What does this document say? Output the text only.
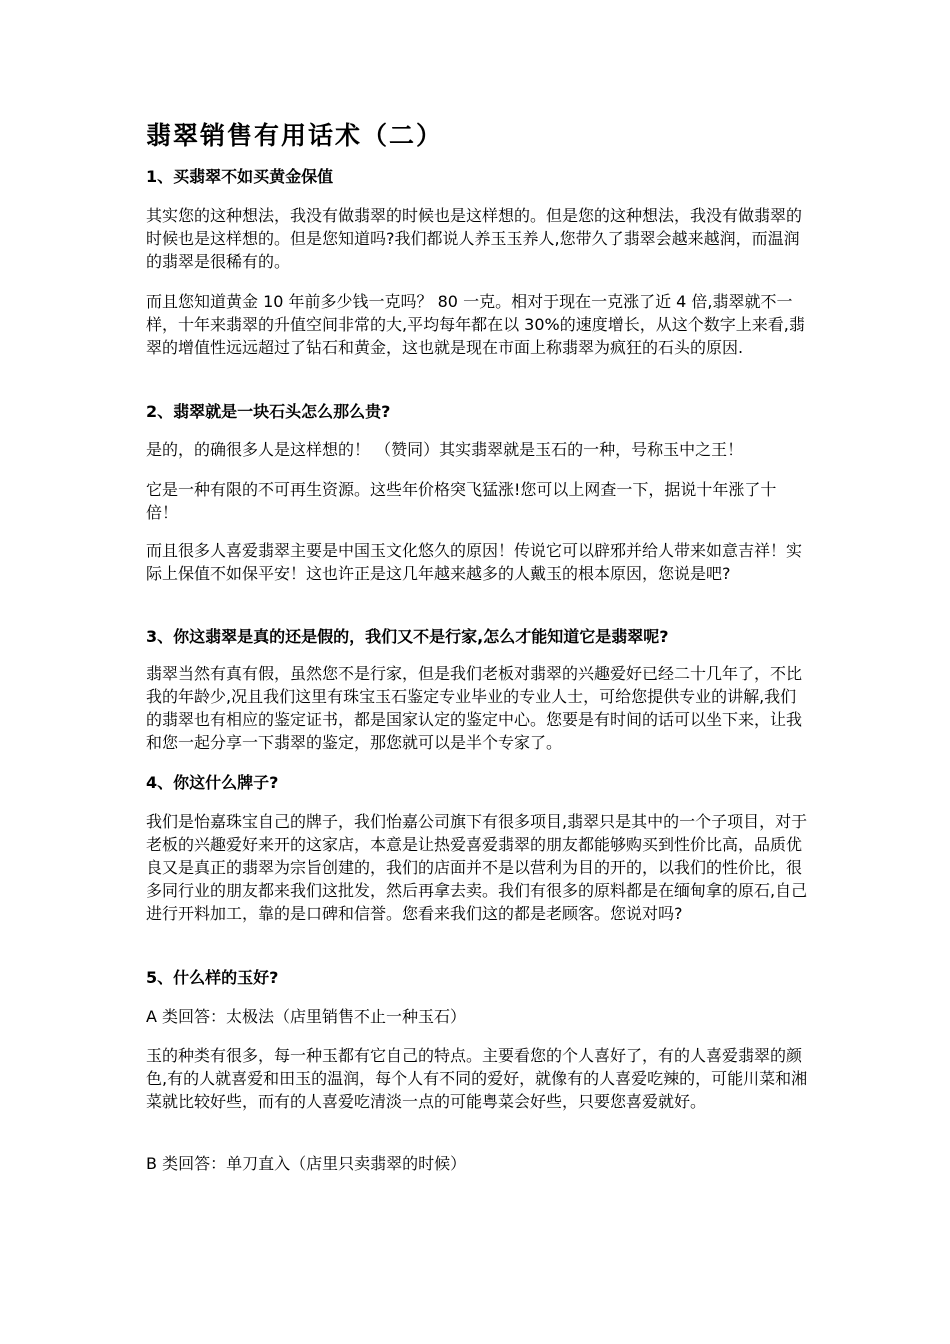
翡翠销售有用话术（二）
1、买翡翠不如买黄金保值

其实您的这种想法，我没有做翡翠的时候也是这样想的。但是您的这种想法，我没有做翡翠的时候也是这样想的。但是您知道吗?我们都说人养玉玉养人,您带久了翡翠会越来越润，而温润的翡翠是很稀有的。

而且您知道黄金 10 年前多少钱一克吗？ 80 一克。相对于现在一克涨了近 4 倍,翡翠就不一样，十年来翡翠的升值空间非常的大,平均每年都在以 30%的速度增长，从这个数字上来看,翡翠的增值性远远超过了钻石和黄金，这也就是现在市面上称翡翠为疯狂的石头的原因.

2、翡翠就是一块石头怎么那么贵?

是的，的确很多人是这样想的！ （赞同）其实翡翠就是玉石的一种，号称玉中之王！

它是一种有限的不可再生资源。这些年价格突飞猛涨!您可以上网查一下，据说十年涨了十倍！

而且很多人喜爱翡翠主要是中国玉文化悠久的原因！传说它可以辟邪并给人带来如意吉祥！实际上保值不如保平安！这也许正是这几年越来越多的人戴玉的根本原因，您说是吧?

3、你这翡翠是真的还是假的，我们又不是行家,怎么才能知道它是翡翠呢?

翡翠当然有真有假，虽然您不是行家，但是我们老板对翡翠的兴趣爱好已经二十几年了，不比我的年龄少,况且我们这里有珠宝玉石鉴定专业毕业的专业人士，可给您提供专业的讲解,我们的翡翠也有相应的鉴定证书，都是国家认定的鉴定中心。您要是有时间的话可以坐下来，让我和您一起分享一下翡翠的鉴定，那您就可以是半个专家了。

4、你这什么牌子?

我们是怡嘉珠宝自己的牌子，我们怡嘉公司旗下有很多项目,翡翠只是其中的一个子项目，对于老板的兴趣爱好来开的这家店，本意是让热爱喜爱翡翠的朋友都能够购买到性价比高，品质优良又是真正的翡翠为宗旨创建的，我们的店面并不是以营利为目的开的，以我们的性价比，很多同行业的朋友都来我们这批发，然后再拿去卖。我们有很多的原料都是在缅甸拿的原石,自己进行开料加工，靠的是口碑和信誉。您看来我们这的都是老顾客。您说对吗?

5、什么样的玉好?

A 类回答：太极法（店里销售不止一种玉石）

玉的种类有很多，每一种玉都有它自己的特点。主要看您的个人喜好了，有的人喜爱翡翠的颜色,有的人就喜爱和田玉的温润，每个人有不同的爱好，就像有的人喜爱吃辣的，可能川菜和湘菜就比较好些，而有的人喜爱吃清淡一点的可能粤菜会好些，只要您喜爱就好。

B 类回答：单刀直入（店里只卖翡翠的时候）
